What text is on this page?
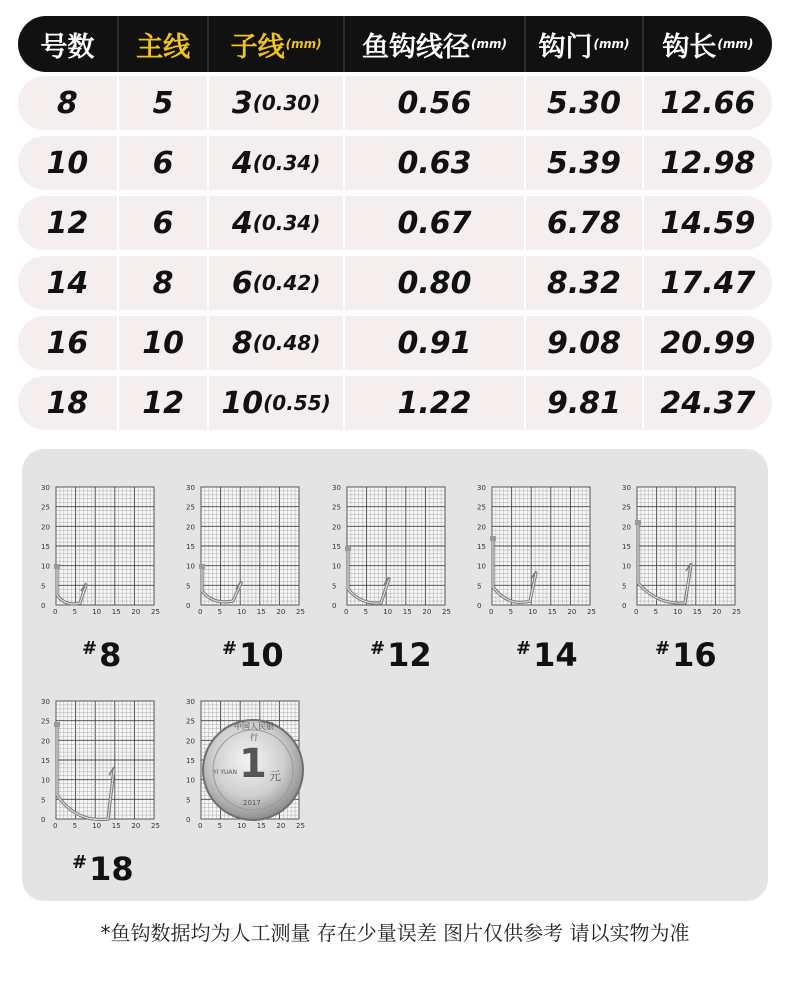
号数 主线 子线 (mm) 鱼钩线径 (mm) 钩门 (mm) 钩长 (mm)
8	5	3 (0.30)	0.56	5.30	12.66
10	6	4 (0.34)	0.63	5.39	12.98
12	6	4 (0.34)	0.67	6.78	14.59
14	8	6 (0.42)	0.80	8.32	17.47
16	10	8 (0.48)	0.91	9.08	20.99
18	12	10 (0.55)	1.22	9.81	24.37
30
25
20
15
10
5
0
0 5 10 15 20 25
30
25
20
15
10
5
0
0 5 10 15 20 25
30
25
20
15
10
5
0
0 5 10 15 20 25
30
25
20
15
10
5
0
0 5 10 15 20 25
30
25
20
15
10
5
0
0 5 10 15 20 25
30
25
20
15
10
5
0
0 5 10 15 20 25
30
25
20
15
10
5
0
0 5 10 15 20 25
中国人民银行
1 元
YI YUAN
2017
#8	#10	#12	#14	#16
#18
*鱼钩数据均为人工测量 存在少量误差 图片仅供参考 请以实物为准
